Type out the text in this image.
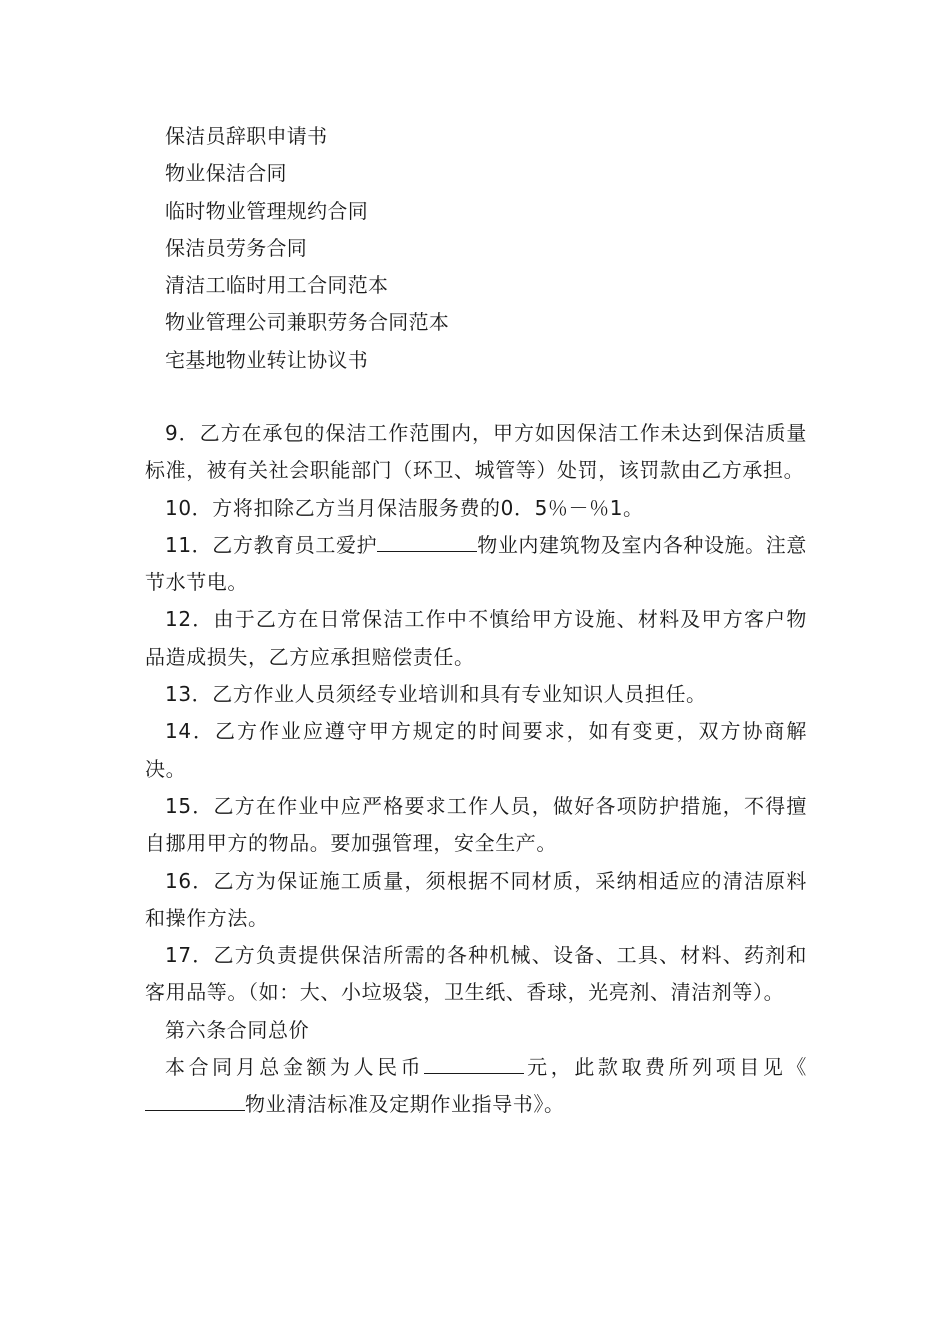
保洁员辞职申请书
物业保洁合同
临时物业管理规约合同
保洁员劳务合同
清洁工临时用工合同范本
物业管理公司兼职劳务合同范本
宅基地物业转让协议书

9．乙方在承包的保洁工作范围内，甲方如因保洁工作未达到保洁质量标准，被有关社会职能部门（环卫、城管等）处罚，该罚款由乙方承担。

10．方将扣除乙方当月保洁服务费的0．5％－％1。

11．乙方教育员工爱护	物业内建筑物及室内各种设施。注意节水节电。

12．由于乙方在日常保洁工作中不慎给甲方设施、材料及甲方客户物品造成损失，乙方应承担赔偿责任。

13．乙方作业人员须经专业培训和具有专业知识人员担任。

14．乙方作业应遵守甲方规定的时间要求，如有变更，双方协商解决。

15．乙方在作业中应严格要求工作人员，做好各项防护措施，不得擅自挪用甲方的物品。要加强管理，安全生产。

16．乙方为保证施工质量，须根据不同材质，采纳相适应的清洁原料和操作方法。

17．乙方负责提供保洁所需的各种机械、设备、工具、材料、药剂和客用品等。（如：大、小垃圾袋，卫生纸、香球，光亮剂、清洁剂等）。

第六条合同总价

本合同月总金额为人民币	元，此款取费所列项目见《物业清洁标准及定期作业指导书》。
